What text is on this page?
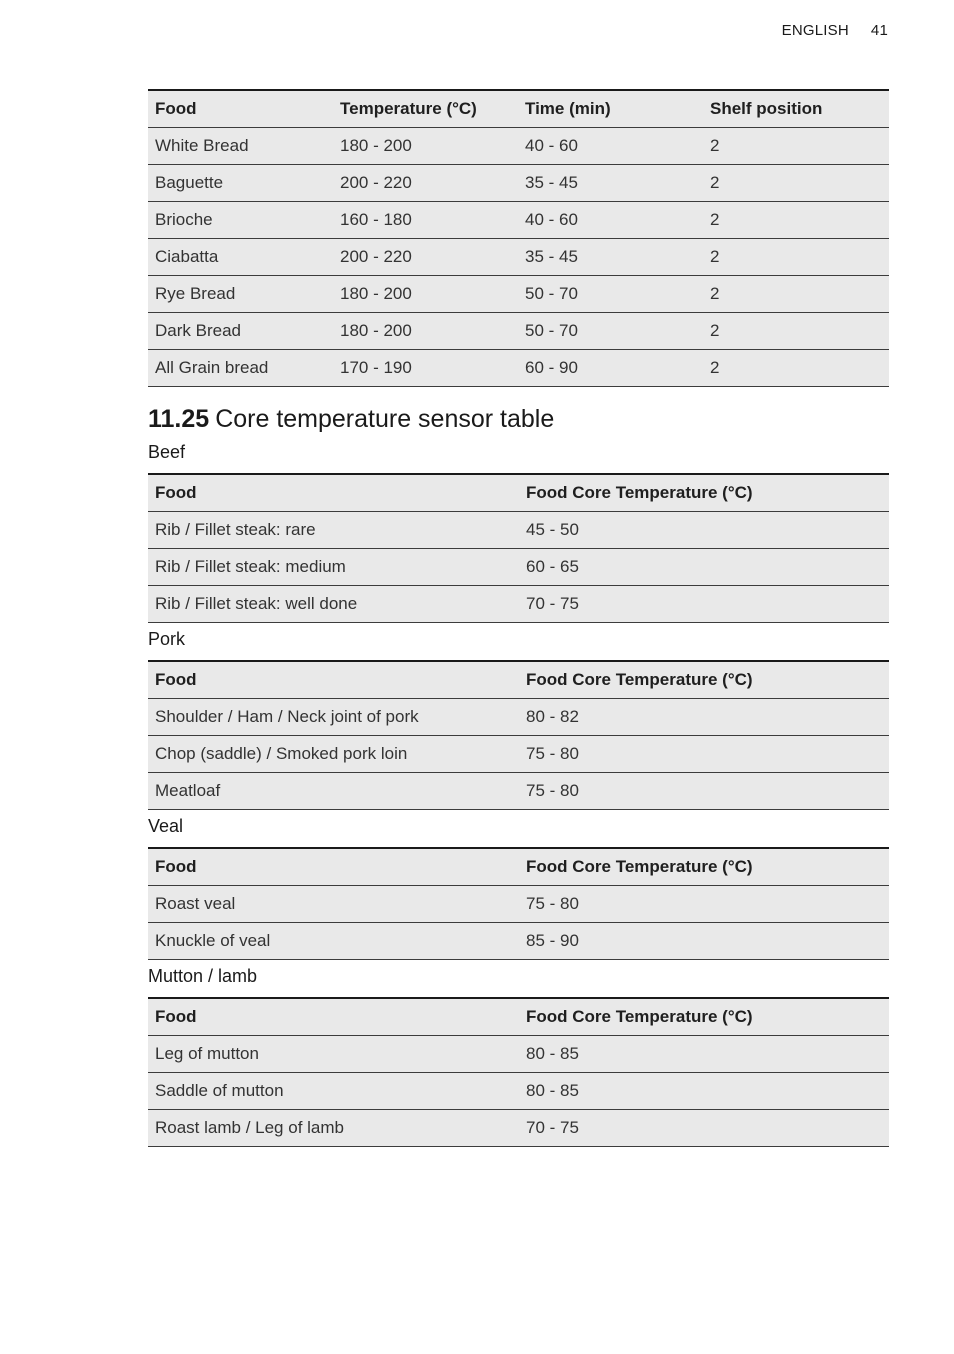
ENGLISH 41
Food	Temperature (°C)	Time (min)	Shelf position
White Bread	180 - 200	40 - 60	2
Baguette	200 - 220	35 - 45	2
Brioche	160 - 180	40 - 60	2
Ciabatta	200 - 220	35 - 45	2
Rye Bread	180 - 200	50 - 70	2
Dark Bread	180 - 200	50 - 70	2
All Grain bread	170 - 190	60 - 90	2
11.25 Core temperature sensor table
Beef
Food	Food Core Temperature (°C)
Rib / Fillet steak: rare	45 - 50
Rib / Fillet steak: medium	60 - 65
Rib / Fillet steak: well done	70 - 75
Pork
Food	Food Core Temperature (°C)
Shoulder / Ham / Neck joint of pork	80 - 82
Chop (saddle) / Smoked pork loin	75 - 80
Meatloaf	75 - 80
Veal
Food	Food Core Temperature (°C)
Roast veal	75 - 80
Knuckle of veal	85 - 90
Mutton / lamb
Food	Food Core Temperature (°C)
Leg of mutton	80 - 85
Saddle of mutton	80 - 85
Roast lamb / Leg of lamb	70 - 75
